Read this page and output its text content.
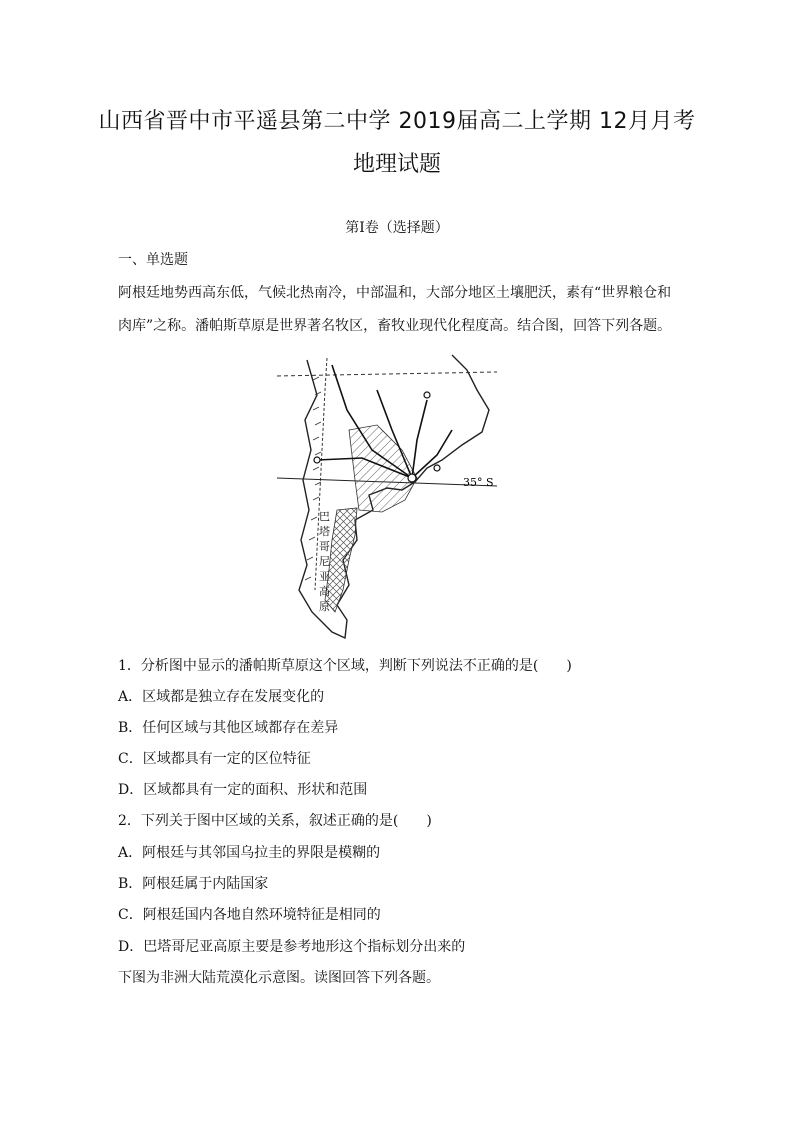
山西省晋中市平遥县第二中学 2019届高二上学期 12月月考
地理试题
第Ⅰ卷（选择题）
一、单选题
阿根廷地势西高东低，气候北热南冷，中部温和，大部分地区土壤肥沃，素有“世界粮仓和
肉库”之称。潘帕斯草原是世界著名牧区，畜牧业现代化程度高。结合图，回答下列各题。
35° S
巴
塔
哥
尼
亚
高
原
1．分析图中显示的潘帕斯草原这个区域，判断下列说法不正确的是(　　)
A．区域都是独立存在发展变化的
B．任何区域与其他区域都存在差异
C．区域都具有一定的区位特征
D．区域都具有一定的面积、形状和范围
2．下列关于图中区域的关系，叙述正确的是(　　)
A．阿根廷与其邻国乌拉圭的界限是模糊的
B．阿根廷属于内陆国家
C．阿根廷国内各地自然环境特征是相同的
D．巴塔哥尼亚高原主要是参考地形这个指标划分出来的
下图为非洲大陆荒漠化示意图。读图回答下列各题。
